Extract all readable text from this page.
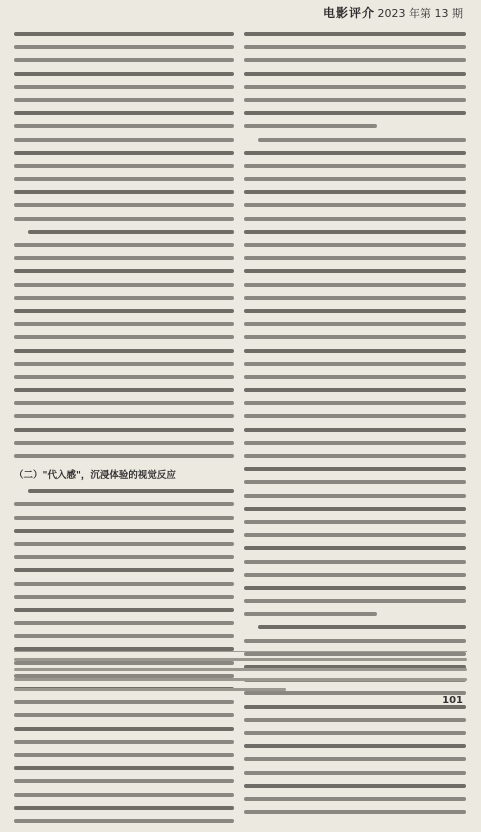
电影评介 2023 年第 13 期
（二）"代入感"，沉浸体验的视觉反应
101
